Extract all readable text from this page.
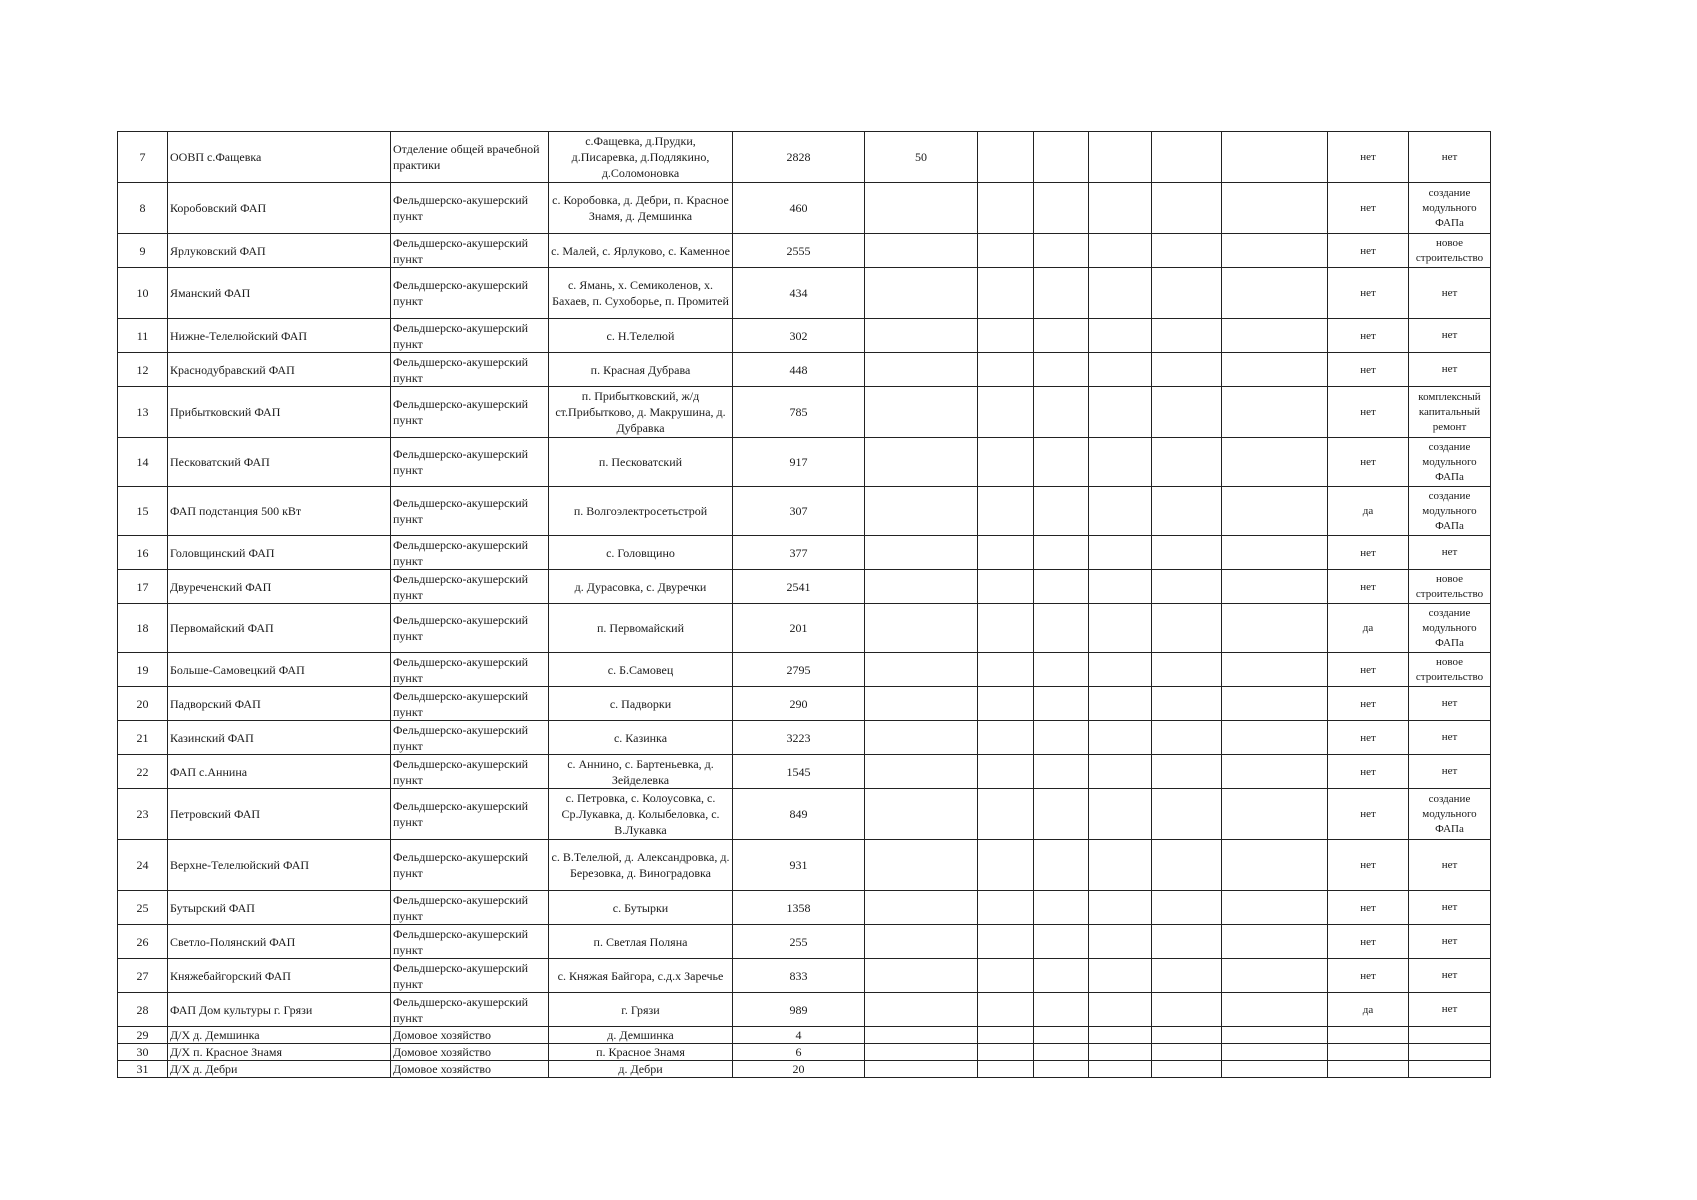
7	ООВП с.Фащевка	Отделение общей врачебной практики	с.Фащевка, д.Прудки, д.Писаревка, д.Подлякино, д.Соломоновка	2828	50						нет	нет
8	Коробовский ФАП	Фельдшерско-акушерский пункт	с. Коробовка, д. Дебри, п. Красное Знамя, д. Демшинка	460							нет	создание модульного ФАПа
9	Ярлуковский ФАП	Фельдшерско-акушерский пункт	с. Малей, с. Ярлуково, с. Каменное	2555							нет	новое строительство
10	Яманский ФАП	Фельдшерско-акушерский пункт	с. Ямань, х. Семиколенов, х. Бахаев, п. Сухоборье, п. Промитей	434							нет	нет
11	Нижне-Телелюйский ФАП	Фельдшерско-акушерский пункт	с. Н.Телелюй	302							нет	нет
12	Краснодубравский ФАП	Фельдшерско-акушерский пункт	п. Красная Дубрава	448							нет	нет
13	Прибытковский ФАП	Фельдшерско-акушерский пункт	п. Прибытковский, ж/д ст.Прибытково, д. Макрушина, д. Дубравка	785							нет	комплексный капитальный ремонт
14	Песковатский ФАП	Фельдшерско-акушерский пункт	п. Песковатский	917							нет	создание модульного ФАПа
15	ФАП подстанция 500 кВт	Фельдшерско-акушерский пункт	п. Волгоэлектросетьстрой	307							да	создание модульного ФАПа
16	Головщинский ФАП	Фельдшерско-акушерский пункт	с. Головщино	377							нет	нет
17	Двуреченский ФАП	Фельдшерско-акушерский пункт	д. Дурасовка, с. Двуречки	2541							нет	новое строительство
18	Первомайский ФАП	Фельдшерско-акушерский пункт	п. Первомайский	201							да	создание модульного ФАПа
19	Больше-Самовецкий ФАП	Фельдшерско-акушерский пункт	с. Б.Самовец	2795							нет	новое строительство
20	Падворский ФАП	Фельдшерско-акушерский пункт	с. Падворки	290							нет	нет
21	Казинский ФАП	Фельдшерско-акушерский пункт	с. Казинка	3223							нет	нет
22	ФАП с.Аннина	Фельдшерско-акушерский пункт	с. Аннино, с. Бартеньевка, д. Зейделевка	1545							нет	нет
23	Петровский ФАП	Фельдшерско-акушерский пункт	с. Петровка, с. Колоусовка, с. Ср.Лукавка, д. Колыбеловка, с. В.Лукавка	849							нет	создание модульного ФАПа
24	Верхне-Телелюйский ФАП	Фельдшерско-акушерский пункт	с. В.Телелюй, д. Александровка, д. Березовка, д. Виноградовка	931							нет	нет
25	Бутырский ФАП	Фельдшерско-акушерский пункт	с. Бутырки	1358							нет	нет
26	Светло-Полянский ФАП	Фельдшерско-акушерский пункт	п. Светлая Поляна	255							нет	нет
27	Княжебайгорский ФАП	Фельдшерско-акушерский пункт	с. Княжая Байгора, с.д.х Заречье	833							нет	нет
28	ФАП Дом культуры г. Грязи	Фельдшерско-акушерский пункт	г. Грязи	989							да	нет
29	Д/Х д. Демшинка	Домовое хозяйство	д. Демшинка	4								
30	Д/Х п. Красное Знамя	Домовое хозяйство	п. Красное Знамя	6								
31	Д/Х д. Дебри	Домовое хозяйство	д. Дебри	20								
